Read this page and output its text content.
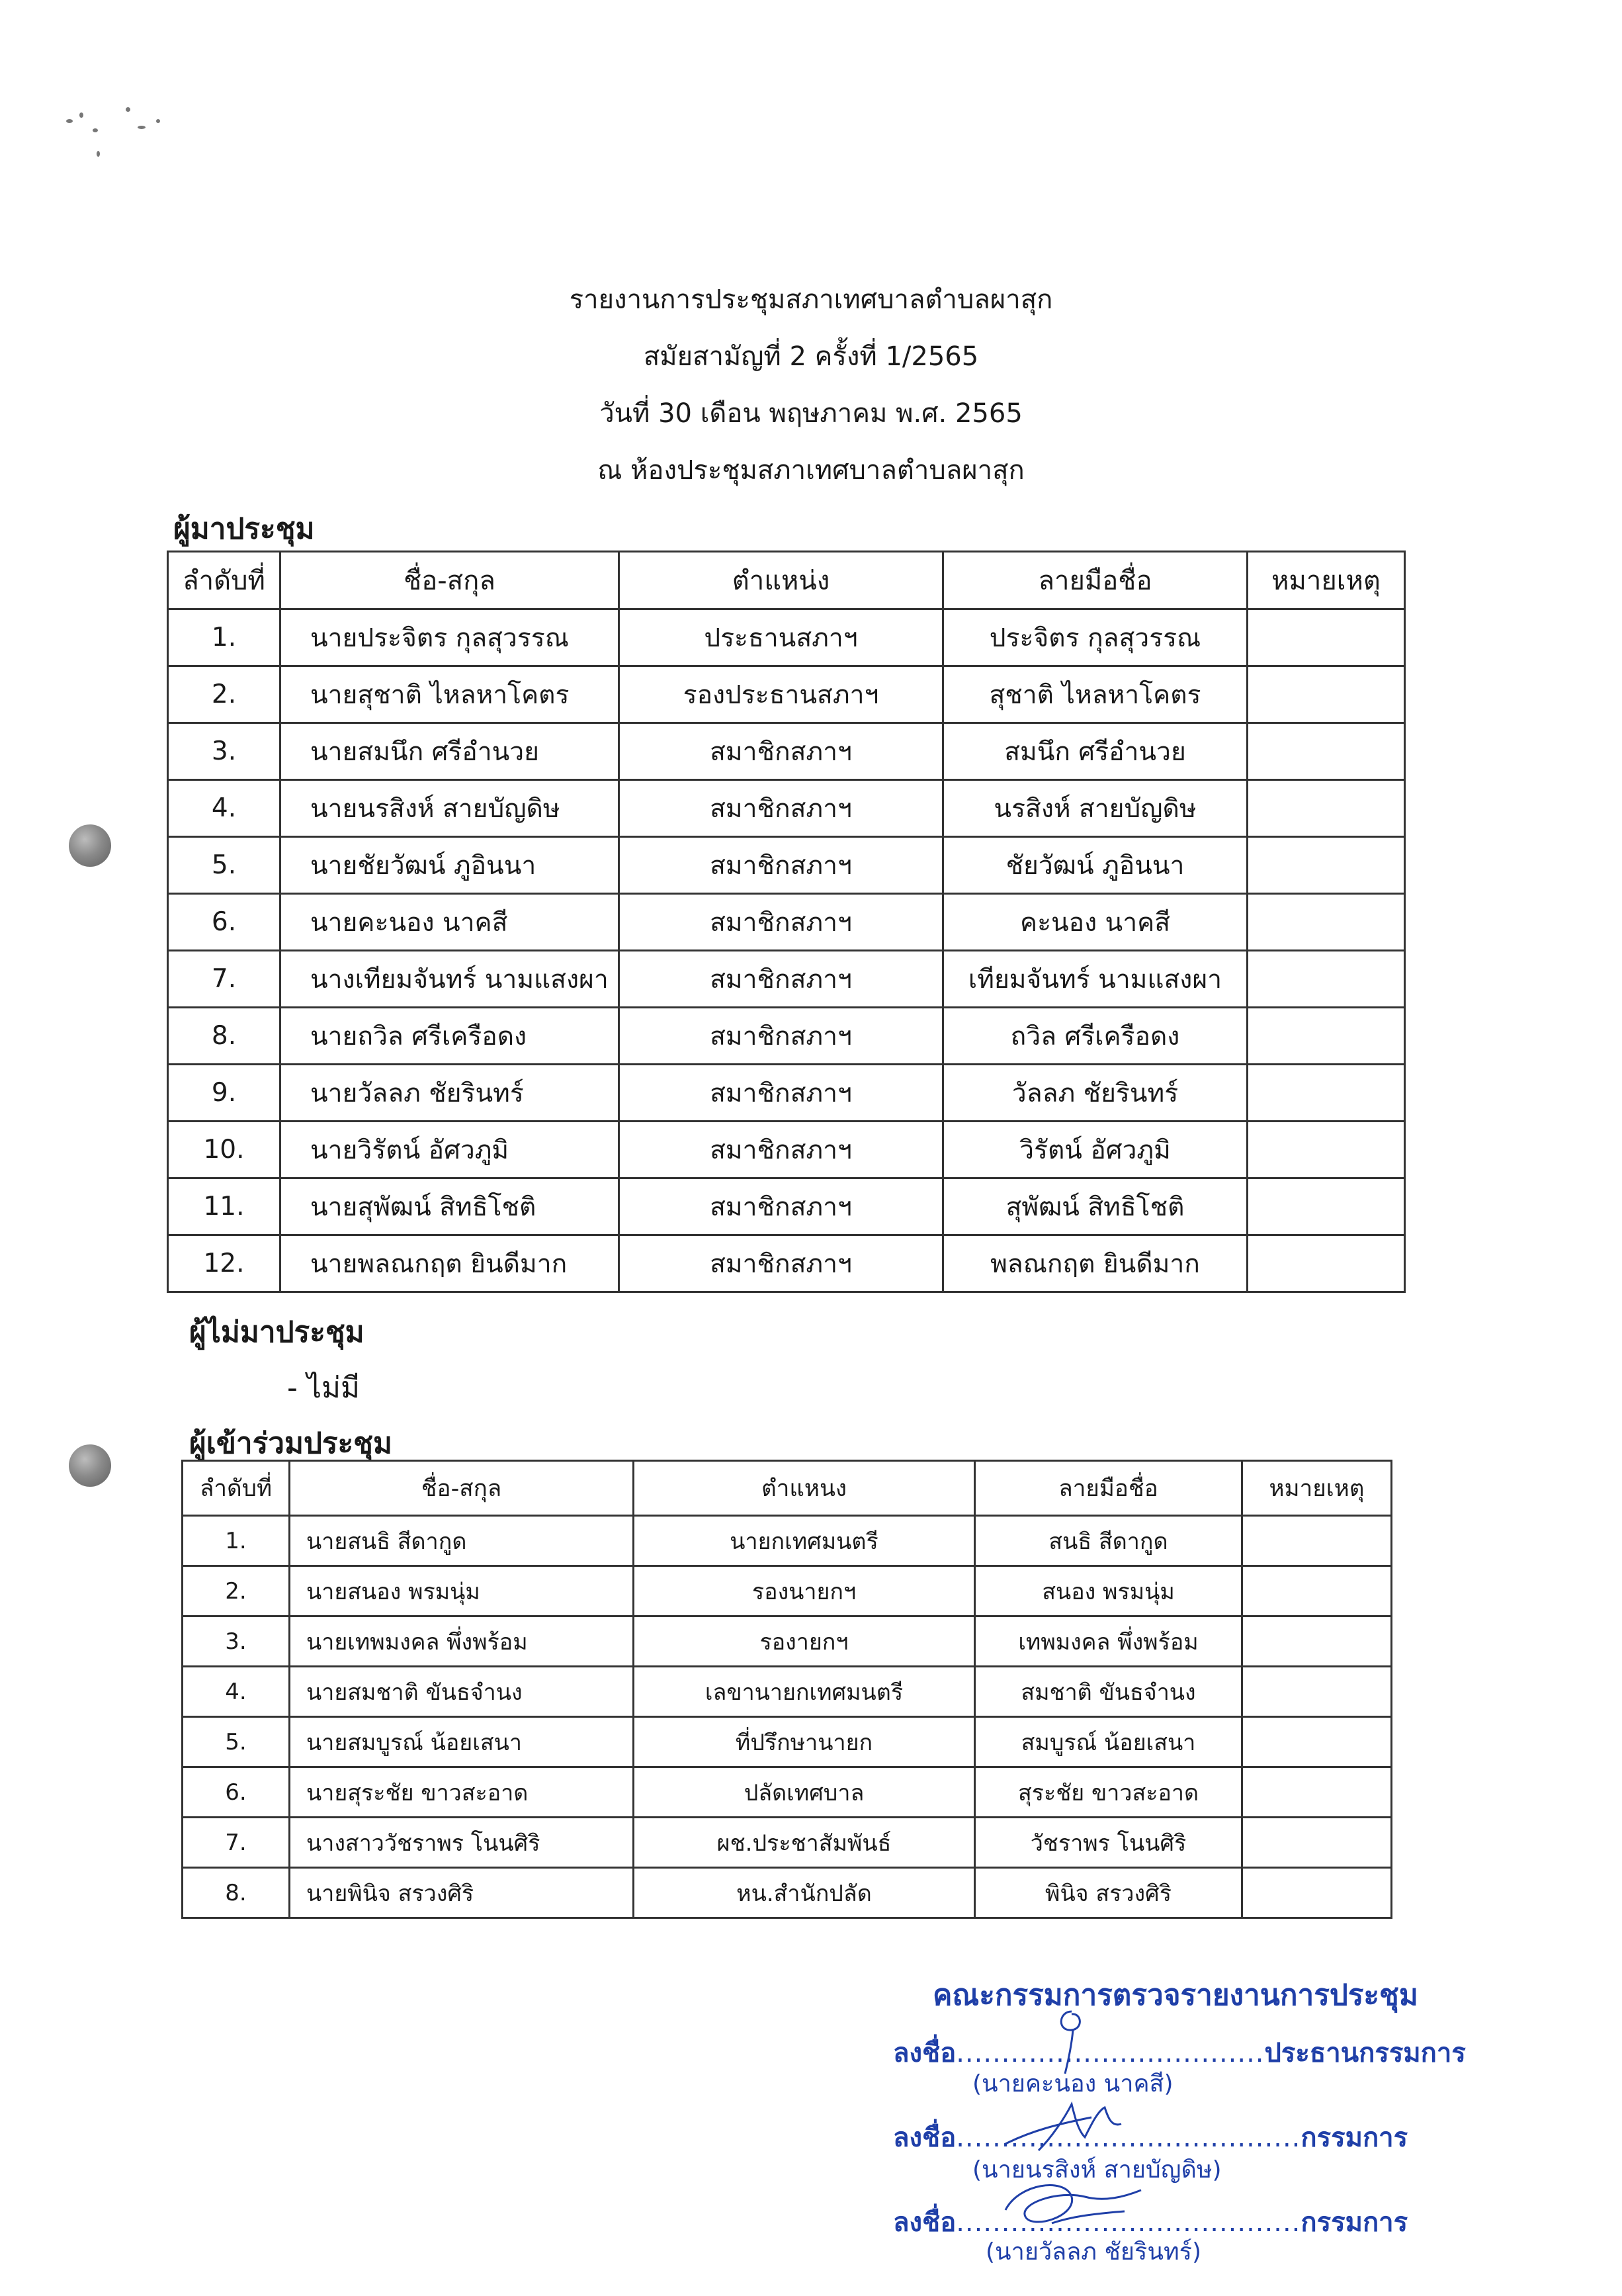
รายงานการประชุมสภาเทศบาลตำบลผาสุก
สมัยสามัญที่ 2 ครั้งที่ 1/2565
วันที่ 30 เดือน พฤษภาคม พ.ศ. 2565
ณ ห้องประชุมสภาเทศบาลตำบลผาสุก
ผู้มาประชุม
ลำดับที่	ชื่อ-สกุล	ตำแหน่ง	ลายมือชื่อ	หมายเหตุ
1.	นายประจิตร กุลสุวรรณ	ประธานสภาฯ	ประจิตร กุลสุวรรณ	
2.	นายสุชาติ ไหลหาโคตร	รองประธานสภาฯ	สุชาติ ไหลหาโคตร	
3.	นายสมนึก ศรีอำนวย	สมาชิกสภาฯ	สมนึก ศรีอำนวย	
4.	นายนรสิงห์ สายบัญดิษ	สมาชิกสภาฯ	นรสิงห์ สายบัญดิษ	
5.	นายชัยวัฒน์ ภูอินนา	สมาชิกสภาฯ	ชัยวัฒน์ ภูอินนา	
6.	นายคะนอง นาคสี	สมาชิกสภาฯ	คะนอง นาคสี	
7.	นางเทียมจันทร์ นามแสงผา	สมาชิกสภาฯ	เทียมจันทร์ นามแสงผา	
8.	นายถวิล ศรีเครือดง	สมาชิกสภาฯ	ถวิล ศรีเครือดง	
9.	นายวัลลภ ชัยรินทร์	สมาชิกสภาฯ	วัลลภ ชัยรินทร์	
10.	นายวิรัตน์ อัศวภูมิ	สมาชิกสภาฯ	วิรัตน์ อัศวภูมิ	
11.	นายสุพัฒน์ สิทธิโชติ	สมาชิกสภาฯ	สุพัฒน์ สิทธิโชติ	
12.	นายพลณกฤต ยินดีมาก	สมาชิกสภาฯ	พลณกฤต ยินดีมาก	
ผู้ไม่มาประชุม
- ไม่มี
ผู้เข้าร่วมประชุม
ลำดับที่	ชื่อ-สกุล	ตำแหนง	ลายมือชื่อ	หมายเหตุ
1.	นายสนธิ สีดากูด	นายกเทศมนตรี	สนธิ สีดากูด	
2.	นายสนอง พรมนุ่ม	รองนายกฯ	สนอง พรมนุ่ม	
3.	นายเทพมงคล พึ่งพร้อม	รองายกฯ	เทพมงคล พึ่งพร้อม	
4.	นายสมชาติ ขันธจำนง	เลขานายกเทศมนตรี	สมชาติ ขันธจำนง	
5.	นายสมบูรณ์ น้อยเสนา	ที่ปรึกษานายก	สมบูรณ์ น้อยเสนา	
6.	นายสุระชัย ขาวสะอาด	ปลัดเทศบาล	สุระชัย ขาวสะอาด	
7.	นางสาววัชราพร โนนศิริ	ผช.ประชาสัมพันธ์	วัชราพร โนนศิริ	
8.	นายพินิจ สรวงศิริ	หน.สำนักปลัด	พินิจ สรวงศิริ	
คณะกรรมการตรวจรายงานการประชุม
ลงชื่อ..................................ประธานกรรมการ
(นายคะนอง นาคสี)
ลงชื่อ......................................กรรมการ
(นายนรสิงห์ สายบัญดิษ)
ลงชื่อ......................................กรรมการ
(นายวัลลภ ชัยรินทร์)
